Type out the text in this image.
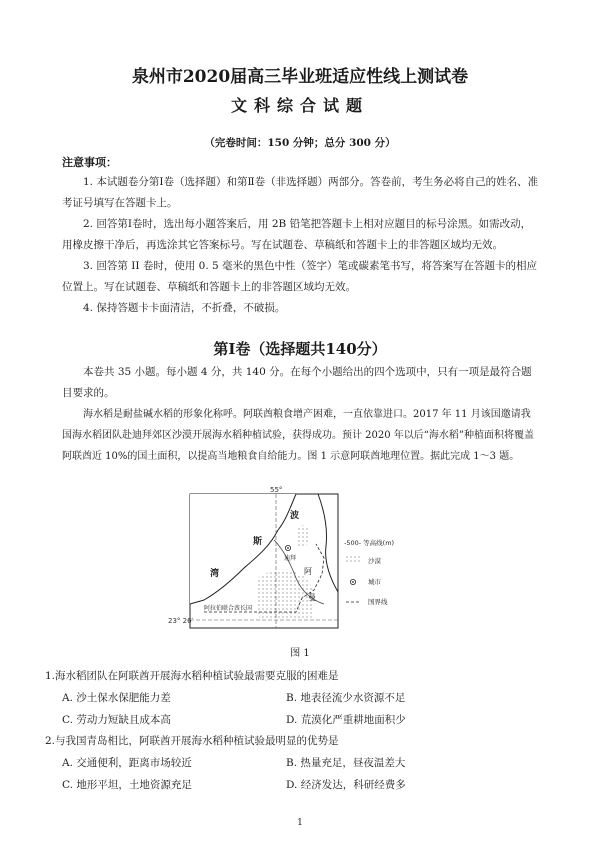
泉州市2020届高三毕业班适应性线上测试卷
文科综合试题
（完卷时间：150 分钟；总分 300 分）
注意事项：
1. 本试题卷分第Ⅰ卷（选择题）和第Ⅱ卷（非选择题）两部分。答卷前，考生务必将自己的姓名、准考证号填写在答题卡上。
2. 回答第Ⅰ卷时，选出每小题答案后，用 2B 铅笔把答题卡上相对应题目的标号涂黑。如需改动，用橡皮擦干净后，再选涂其它答案标号。写在试题卷、草稿纸和答题卡上的非答题区域均无效。
3. 回答第 II 卷时，使用 0. 5 毫米的黑色中性（签字）笔或碳素笔书写，将答案写在答题卡的相应位置上。写在试题卷、草稿纸和答题卡上的非答题区域均无效。
4. 保持答题卡卡面清洁，不折叠，不破损。
第Ⅰ卷（选择题共140分）
本卷共 35 小题。每小题 4 分，共 140 分。在每个小题给出的四个选项中，只有一项是最符合题目要求的。
海水稻是耐盐碱水稻的形象化称呼。阿联酋粮食增产困难，一直依靠进口。2017 年 11 月该国邀请我国海水稻团队赴迪拜郊区沙漠开展海水稻种植试验，获得成功。预计 2020 年以后“海水稻”种植面积将覆盖阿联酋近 10%的国土面积，以提高当地粮食自给能力。图 1 示意阿联酋地理位置。据此完成 1～3 题。
55°
23° 26′
波
斯
湾
迪拜
阿
曼
阿拉伯联合酋长国
-500- 等高线(m)
沙漠
城市
国界线
图 1
1.海水稻团队在阿联酋开展海水稻种植试验最需要克服的困难是
A. 沙土保水保肥能力差	B. 地表径流少水资源不足
C. 劳动力短缺且成本高	D. 荒漠化严重耕地面积少
2.与我国青岛相比，阿联酋开展海水稻种植试验最明显的优势是
A. 交通便利，距离市场较近	B. 热量充足，昼夜温差大
C. 地形平坦，土地资源充足	D. 经济发达，科研经费多
1
